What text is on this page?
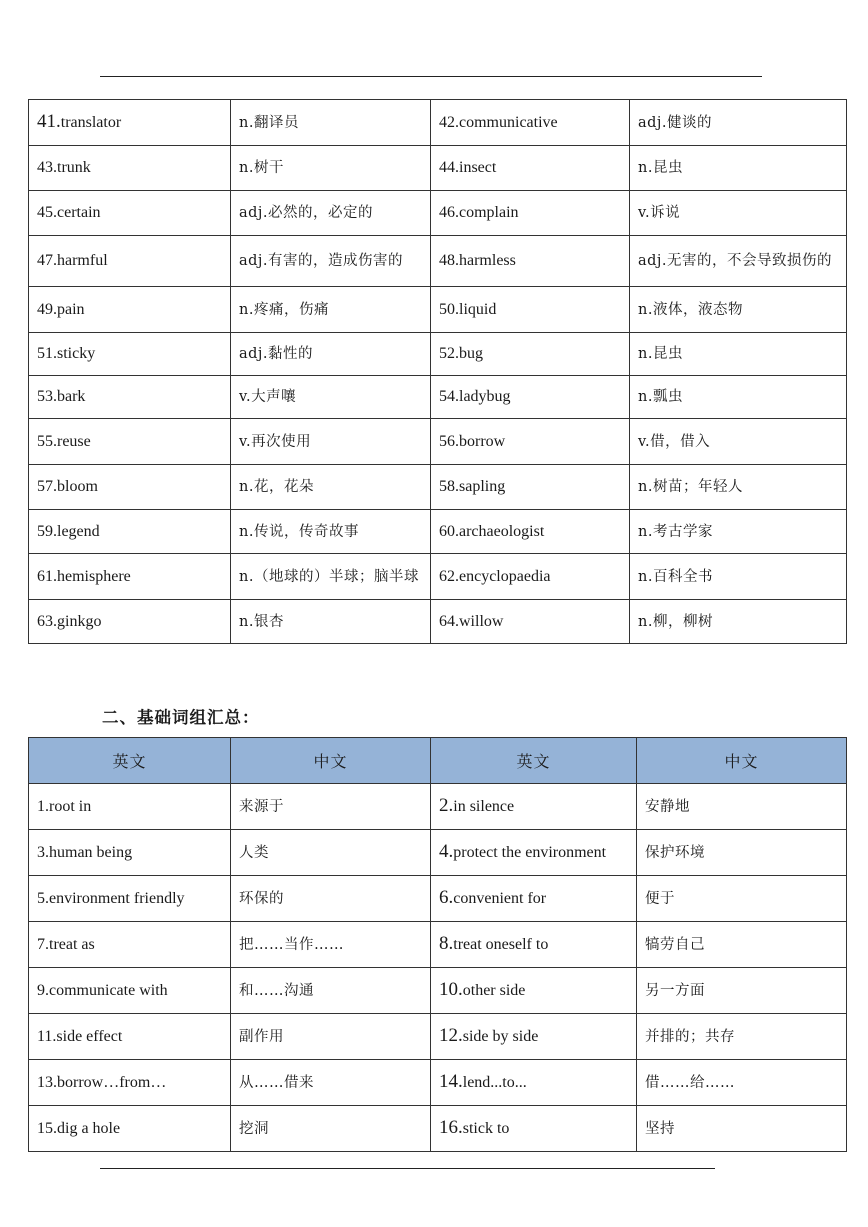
41.translator	n.翻译员	42.communicative	adj.健谈的
43.trunk	n.树干	44.insect	n.昆虫
45.certain	adj.必然的，必定的	46.complain	v.诉说
47.harmful	adj.有害的，造成伤害的	48.harmless	adj.无害的，不会导致损伤的
49.pain	n.疼痛，伤痛	50.liquid	n.液体，液态物
51.sticky	adj.黏性的	52.bug	n.昆虫
53.bark	v.大声嚷	54.ladybug	n.瓢虫
55.reuse	v.再次使用	56.borrow	v.借，借入
57.bloom	n.花，花朵	58.sapling	n.树苗；年轻人
59.legend	n.传说，传奇故事	60.archaeologist	n.考古学家
61.hemisphere	n.（地球的）半球；脑半球	62.encyclopaedia	n.百科全书
63.ginkgo	n.银杏	64.willow	n.柳，柳树
二、基础词组汇总：
英文	中文	英文	中文
1.root in	来源于	2.in silence	安静地
3.human being	人类	4.protect the environment	保护环境
5.environment friendly	环保的	6.convenient for	便于
7.treat as	把……当作……	8.treat oneself to	犒劳自己
9.communicate with	和……沟通	10.other side	另一方面
11.side effect	副作用	12.side by side	并排的；共存
13.borrow…from…	从……借来	14.lend...to...	借……给……
15.dig a hole	挖洞	16.stick to	坚持
